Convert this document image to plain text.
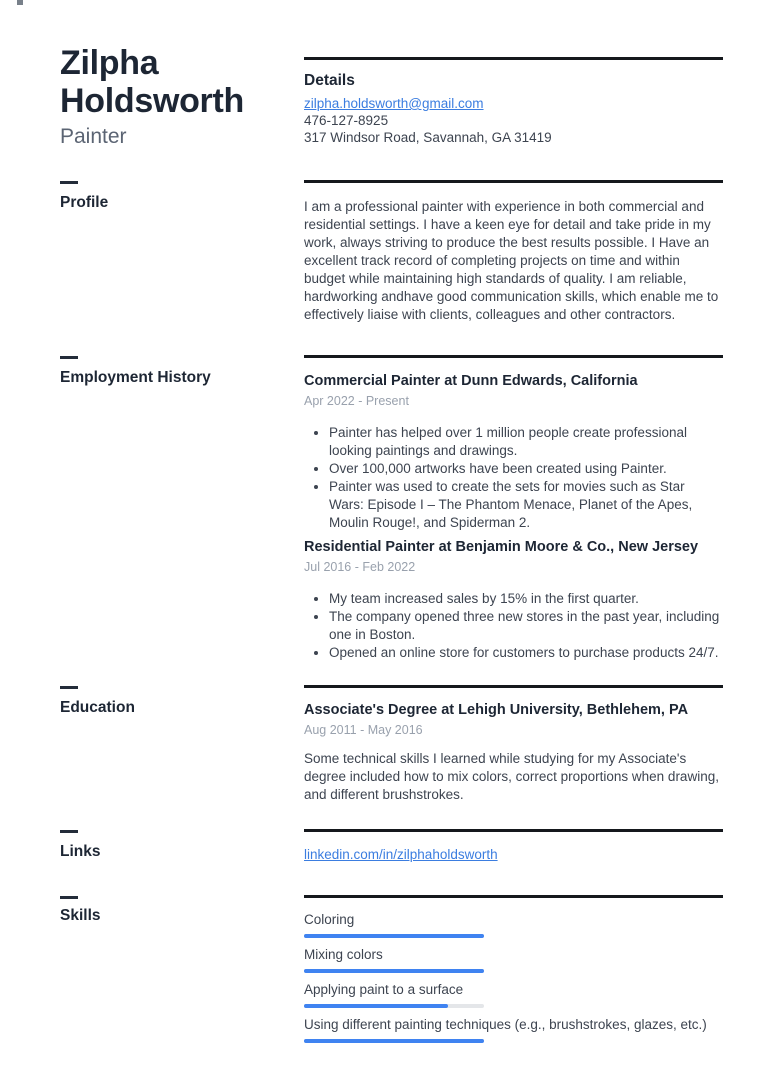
Zilpha Holdsworth
Painter
Details
zilpha.holdsworth@gmail.com
476-127-8925
317 Windsor Road, Savannah, GA 31419
Profile	I am a professional painter with experience in both commercial and residential settings. I have a keen eye for detail and take pride in my work, always striving to produce the best results possible. I Have an excellent track record of completing projects on time and within budget while maintaining high standards of quality. I am reliable, hardworking andhave good communication skills, which enable me to effectively liaise with clients, colleagues and other contractors.
Employment History	Commercial Painter at Dunn Edwards, California
Apr 2022 - Present
• Painter has helped over 1 million people create professional looking paintings and drawings.
• Over 100,000 artworks have been created using Painter.
• Painter was used to create the sets for movies such as Star Wars: Episode I – The Phantom Menace, Planet of the Apes, Moulin Rouge!, and Spiderman 2.
Residential Painter at Benjamin Moore & Co., New Jersey
Jul 2016 - Feb 2022
• My team increased sales by 15% in the first quarter.
• The company opened three new stores in the past year, including one in Boston.
• Opened an online store for customers to purchase products 24/7.
Education	Associate's Degree at Lehigh University, Bethlehem, PA
Aug 2011 - May 2016
Some technical skills I learned while studying for my Associate's degree included how to mix colors, correct proportions when drawing, and different brushstrokes.
Links	linkedin.com/in/zilphaholdsworth
Skills	Coloring
Mixing colors
Applying paint to a surface
Using different painting techniques (e.g., brushstrokes, glazes, etc.)
